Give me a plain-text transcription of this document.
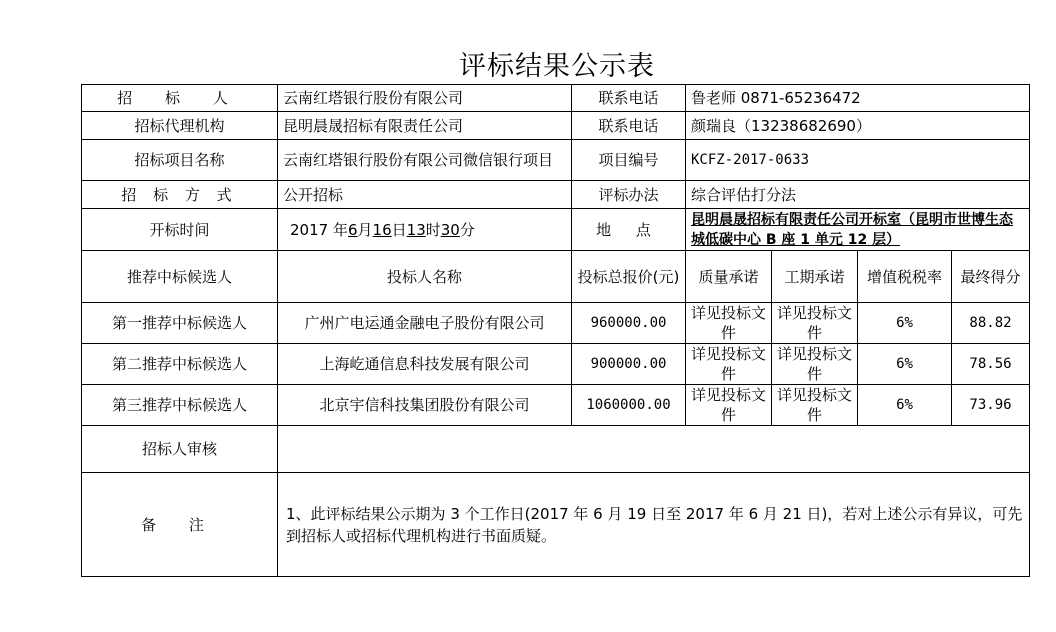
评标结果公示表
招 标 人	云南红塔银行股份有限公司	联系电话	鲁老师 0871-65236472			
招标代理机构	昆明晨晟招标有限责任公司	联系电话	颜瑞良（13238682690）			
招标项目名称	云南红塔银行股份有限公司微信银行项目	项目编号	KCFZ-2017-0633			
招 标 方 式	公开招标	评标办法	综合评估打分法			
开标时间	2017 年6月16日13时30分	地 点	昆明晨晟招标有限责任公司开标室（昆明市世博生态城低碳中心 B 座 1 单元 12 层）			
推荐中标候选人	投标人名称	投标总报价(元)	质量承诺	工期承诺	增值税税率	最终得分
第一推荐中标候选人	广州广电运通金融电子股份有限公司	960000.00	详见投标文件	详见投标文件	6%	88.82
第二推荐中标候选人	上海屹通信息科技发展有限公司	900000.00	详见投标文件	详见投标文件	6%	78.56
第三推荐中标候选人	北京宇信科技集团股份有限公司	1060000.00	详见投标文件	详见投标文件	6%	73.96
招标人审核						
备 注	1、此评标结果公示期为 3 个工作日(2017 年 6 月 19 日至 2017 年 6 月 21 日)，若对上述公示有异议，可先到招标人或招标代理机构进行书面质疑。					
